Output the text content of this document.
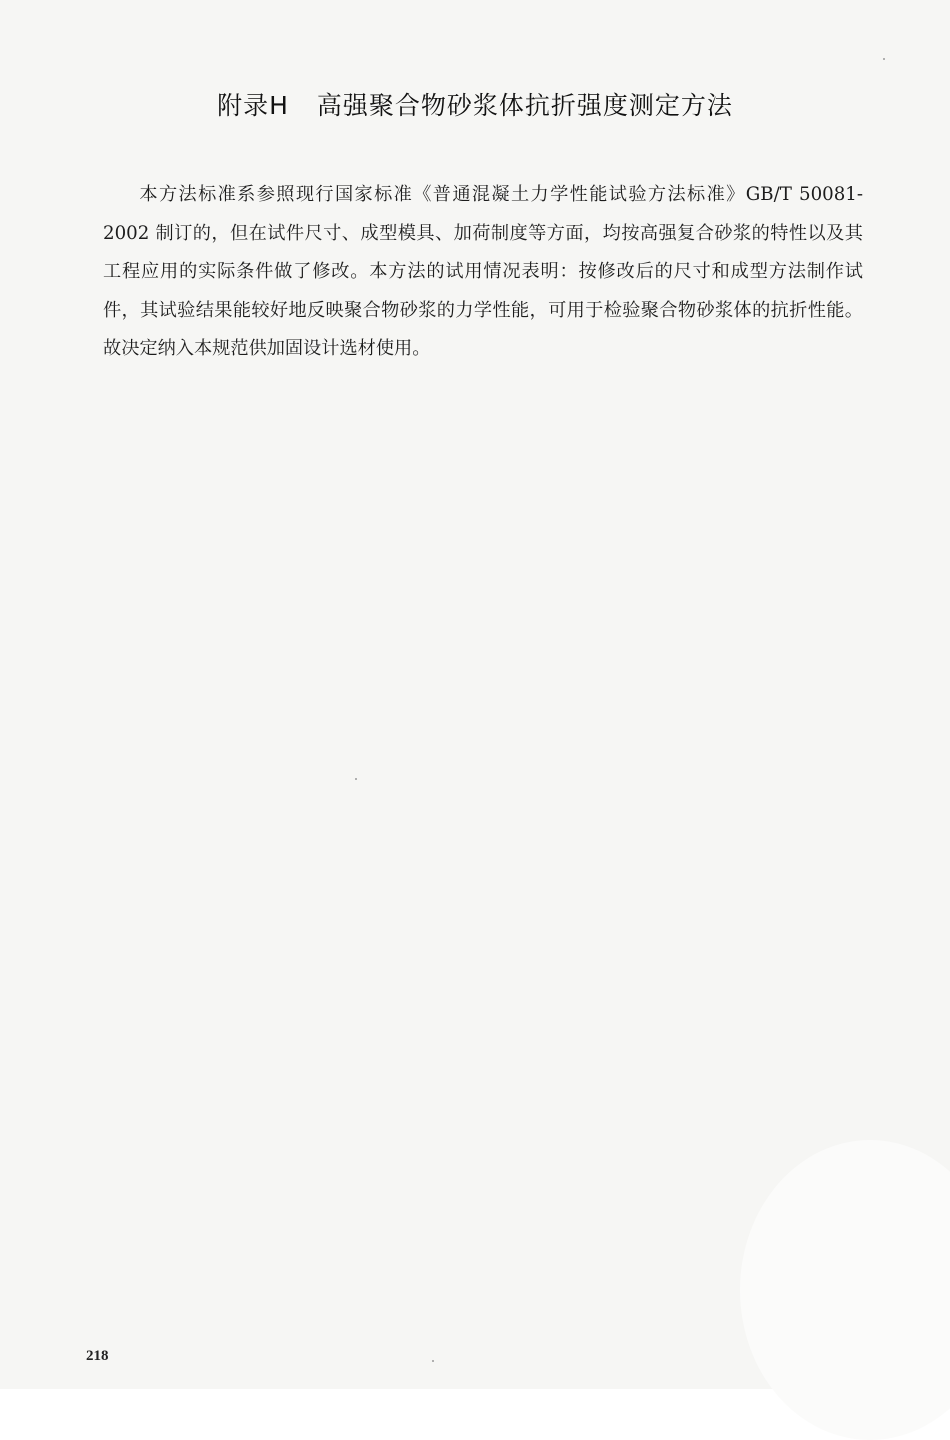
附录H 高强聚合物砂浆体抗折强度测定方法

本方法标准系参照现行国家标准《普通混凝土力学性能试验方法标准》GB/T 50081-2002 制订的，但在试件尺寸、成型模具、加荷制度等方面，均按高强复合砂浆的特性以及其工程应用的实际条件做了修改。本方法的试用情况表明：按修改后的尺寸和成型方法制作试件，其试验结果能较好地反映聚合物砂浆的力学性能，可用于检验聚合物砂浆体的抗折性能。故决定纳入本规范供加固设计选材使用。

218
